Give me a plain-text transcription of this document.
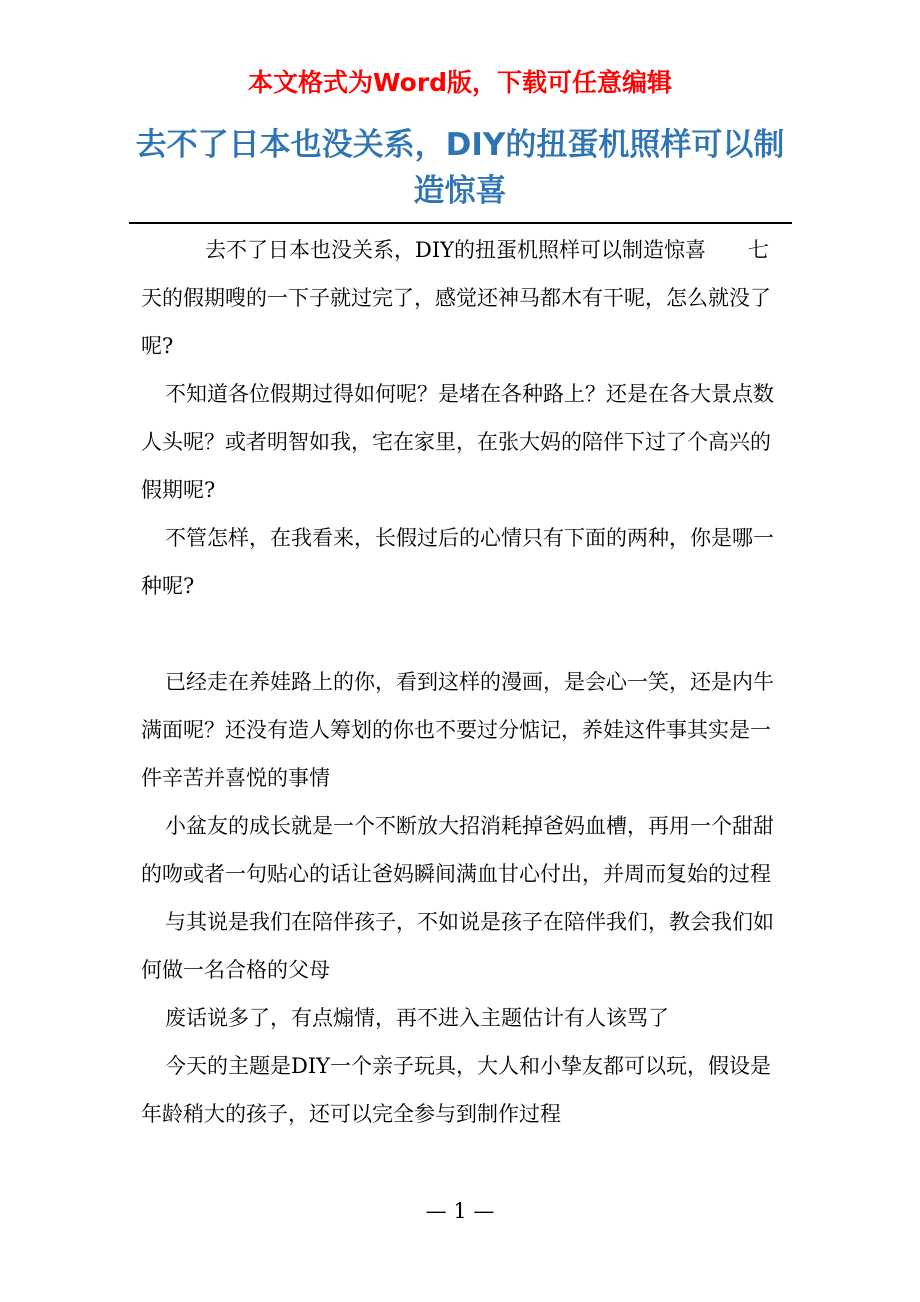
本文格式为Word版，下载可任意编辑
去不了日本也没关系，DIY的扭蛋机照样可以制造惊喜

去不了日本也没关系，DIY的扭蛋机照样可以制造惊喜　　七天的假期嗖的一下子就过完了，感觉还神马都木有干呢，怎么就没了呢?

不知道各位假期过得如何呢？是堵在各种路上？还是在各大景点数人头呢？或者明智如我，宅在家里，在张大妈的陪伴下过了个高兴的假期呢?

不管怎样，在我看来，长假过后的心情只有下面的两种，你是哪一种呢?

已经走在养娃路上的你，看到这样的漫画，是会心一笑，还是内牛满面呢？还没有造人筹划的你也不要过分惦记，养娃这件事其实是一件辛苦并喜悦的事情

小盆友的成长就是一个不断放大招消耗掉爸妈血槽，再用一个甜甜的吻或者一句贴心的话让爸妈瞬间满血甘心付出，并周而复始的过程

与其说是我们在陪伴孩子，不如说是孩子在陪伴我们，教会我们如何做一名合格的父母

废话说多了，有点煽情，再不进入主题估计有人该骂了

今天的主题是DIY一个亲子玩具，大人和小挚友都可以玩，假设是年龄稍大的孩子，还可以完全参与到制作过程

— 1 —
